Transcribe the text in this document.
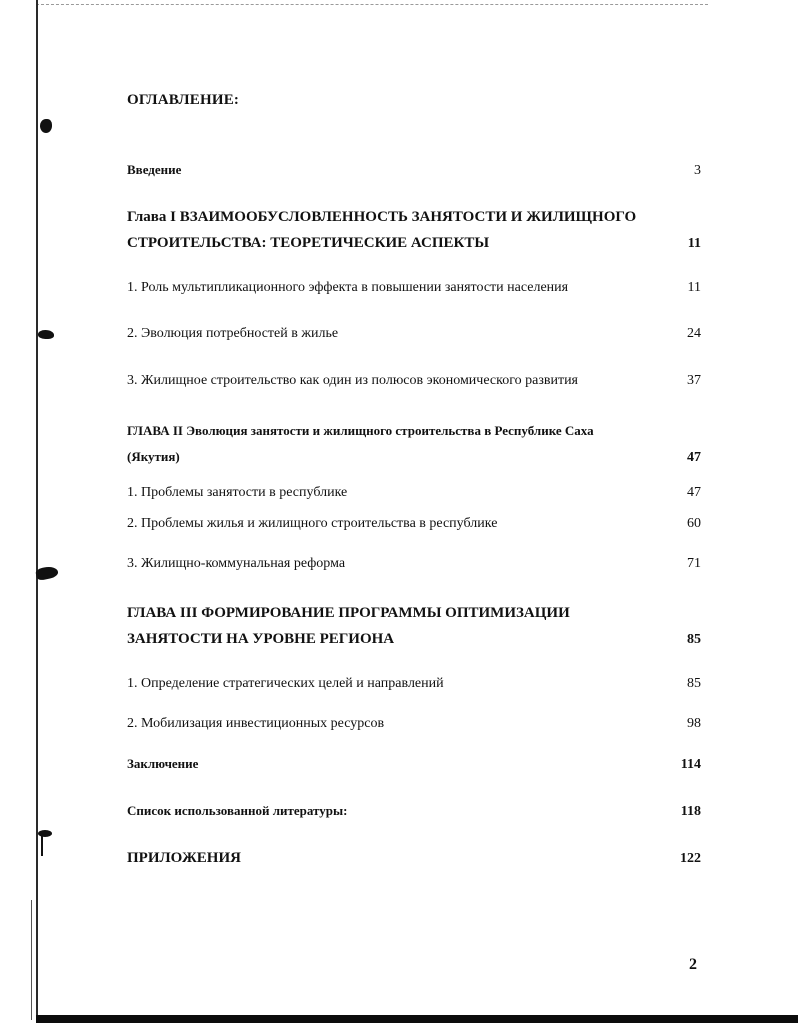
ОГЛАВЛЕНИЕ:
Введение	3
Глава I ВЗАИМООБУСЛОВЛЕННОСТЬ ЗАНЯТОСТИ И ЖИЛИЩНОГО
СТРОИТЕЛЬСТВА: ТЕОРЕТИЧЕСКИЕ АСПЕКТЫ	11
1. Роль мультипликационного эффекта в повышении занятости населения	11
2. Эволюция потребностей в жилье	24
3. Жилищное строительство как один из полюсов экономического развития	37
ГЛАВА II Эволюция занятости и жилищного строительства в Республике Саха
(Якутия)	47
1. Проблемы занятости в республике	47
2. Проблемы жилья и жилищного строительства в республике	60
3. Жилищно-коммунальная реформа	71
ГЛАВА III ФОРМИРОВАНИЕ ПРОГРАММЫ ОПТИМИЗАЦИИ
ЗАНЯТОСТИ НА УРОВНЕ РЕГИОНА	85
1. Определение стратегических целей и направлений	85
2. Мобилизация инвестиционных ресурсов	98
Заключение	114
Список использованной литературы:	118
ПРИЛОЖЕНИЯ	122
2
